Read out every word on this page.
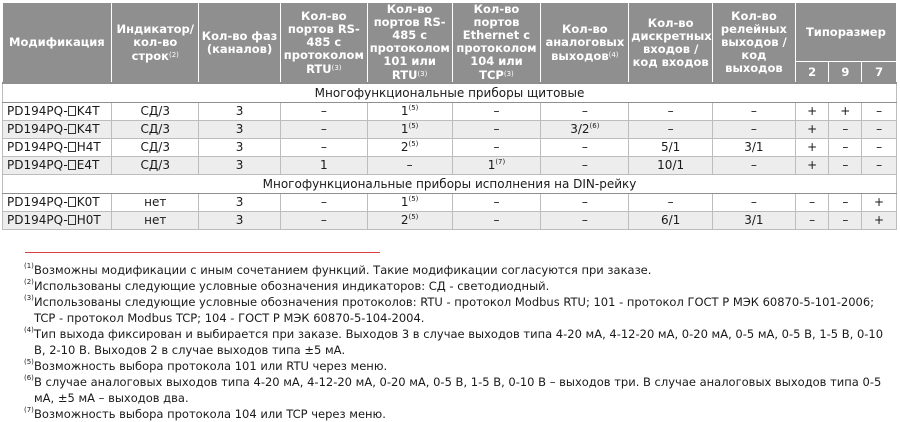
Модификация	Индикатор/ кол-во строк$^{(2)}$	Кол-во фаз (каналов)	Кол-во портов RS-485 с протоколом RTU$^{(3)}$	Кол-во портов RS-485 с протоколом 101 или RTU$^{(3)}$	Кол-во портов Ethernet с протоколом 104 или TCP$^{(3)}$	Кол-во аналоговых выходов$^{(4)}$	Кол-во дискретных входов / код входов	Кол-во релейных выходов / код выходов	Типоразмер		
									2	9	7
Многофункциональные приборы щитовые											
PD194PQ- K4T	СД/3	3	–	1$^{(5)}$	–	–	–	–	+	+	–
PD194PQ- K4T	СД/3	3	–	1$^{(5)}$	–	3/2$^{(6)}$	–	–	+	–	–
PD194PQ- H4T	СД/3	3	–	2$^{(5)}$	–	–	5/1	3/1	+	–	–
PD194PQ- E4T	СД/3	3	1	–	1$^{(7)}$	–	10/1	–	+	–	–
Многофункциональные приборы исполнения на DIN-рейку											
PD194PQ- K0T	нет	3	–	1$^{(5)}$	–	–	–	–	–	–	+
PD194PQ- H0T	нет	3	–	2$^{(5)}$	–	–	6/1	3/1	–	–	+
(1) Возможны модификации с иным сочетанием функций. Такие модификации согласуются при заказе.
(2) Использованы следующие условные обозначения индикаторов: СД - светодиодный.
(3) Использованы следующие условные обозначения протоколов: RTU - протокол Modbus RTU; 101 - протокол ГОСТ Р МЭК 60870-5-101-2006; TCP - протокол Modbus TCP; 104 - ГОСТ Р МЭК 60870-5-104-2004.
(4) Тип выхода фиксирован и выбирается при заказе. Выходов 3 в случае выходов типа 4-20 мА, 4-12-20 мА, 0-20 мА, 0-5 мА, 0-5 В, 1-5 В, 0-10 В, 2-10 В. Выходов 2 в случае выходов типа ±5 мА.
(5) Возможность выбора протокола 101 или RTU через меню.
(6) В случае аналоговых выходов типа 4-20 мА, 4-12-20 мА, 0-20 мА, 0-5 В, 1-5 В, 0-10 В – выходов три. В случае аналоговых выходов типа 0-5 мА, ±5 мА – выходов два.
(7) Возможность выбора протокола 104 или TCP через меню.
